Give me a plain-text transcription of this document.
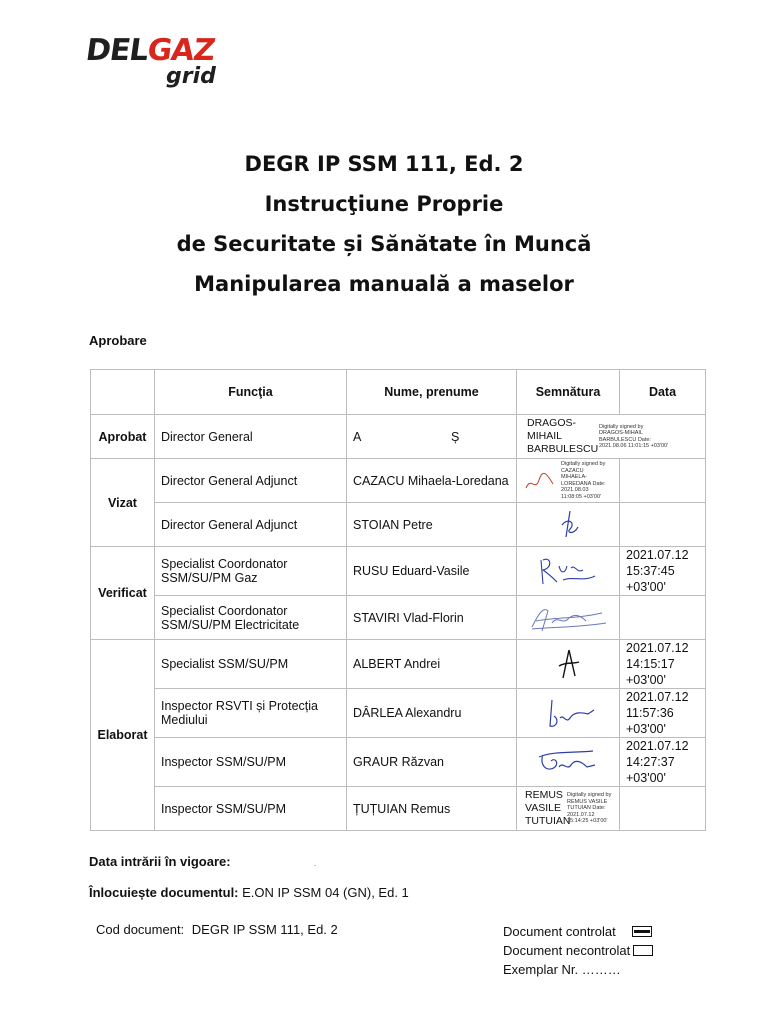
DELGAZ
grid
DEGR IP SSM 111, Ed. 2
Instrucţiune Proprie
de Securitate și Sănătate în Muncă
Manipularea manuală a maselor
Aprobare
	Funcţia	Nume, prenume	Semnătura	Data
Aprobat	Director General	A                          Ș	DRAGOS-MIHAIL BARBULESCU
Digitally signed by DRAGOS-MIHAIL BARBULESCU Date: 2021.08.06 11:01:15 +03'00'	

Vizat	Director General Adjunct	CAZACU Mihaela-Loredana	Digitally signed by CAZACU MIHAELA-LOREDANA Date: 2021.08.03 11:08:05 +03'00'	

	Director General Adjunct	STOIAN Petre	

Verificat	Specialist Coordonator SSM/SU/PM Gaz	RUSU Eduard-Vasile		2021.07.12 15:37:45 +03'00'
	Specialist Coordonator SSM/SU/PM Electricitate	STAVIRI Vlad-Florin	

Elaborat	Specialist SSM/SU/PM	ALBERT Andrei		2021.07.12 14:15:17 +03'00'
	Inspector RSVTI și Protecția Mediului	DÂRLEA Alexandru		2021.07.12 11:57:36 +03'00'
	Inspector SSM/SU/PM	GRAUR Răzvan		2021.07.12 14:27:37 +03'00'
	Inspector SSM/SU/PM	ȚUȚUIAN Remus	REMUS VASILE TUTUIAN
Digitally signed by REMUS VASILE TUTUIAN Date: 2021.07.12 15:14:25 +03'00'	

Data intrării în vigoare:	.
Înlocuiește documentul: E.ON IP SSM 04 (GN), Ed. 1
Cod document: DEGR IP SSM 111, Ed. 2	Document controlat
Document necontrolat
Exemplar Nr. ………
